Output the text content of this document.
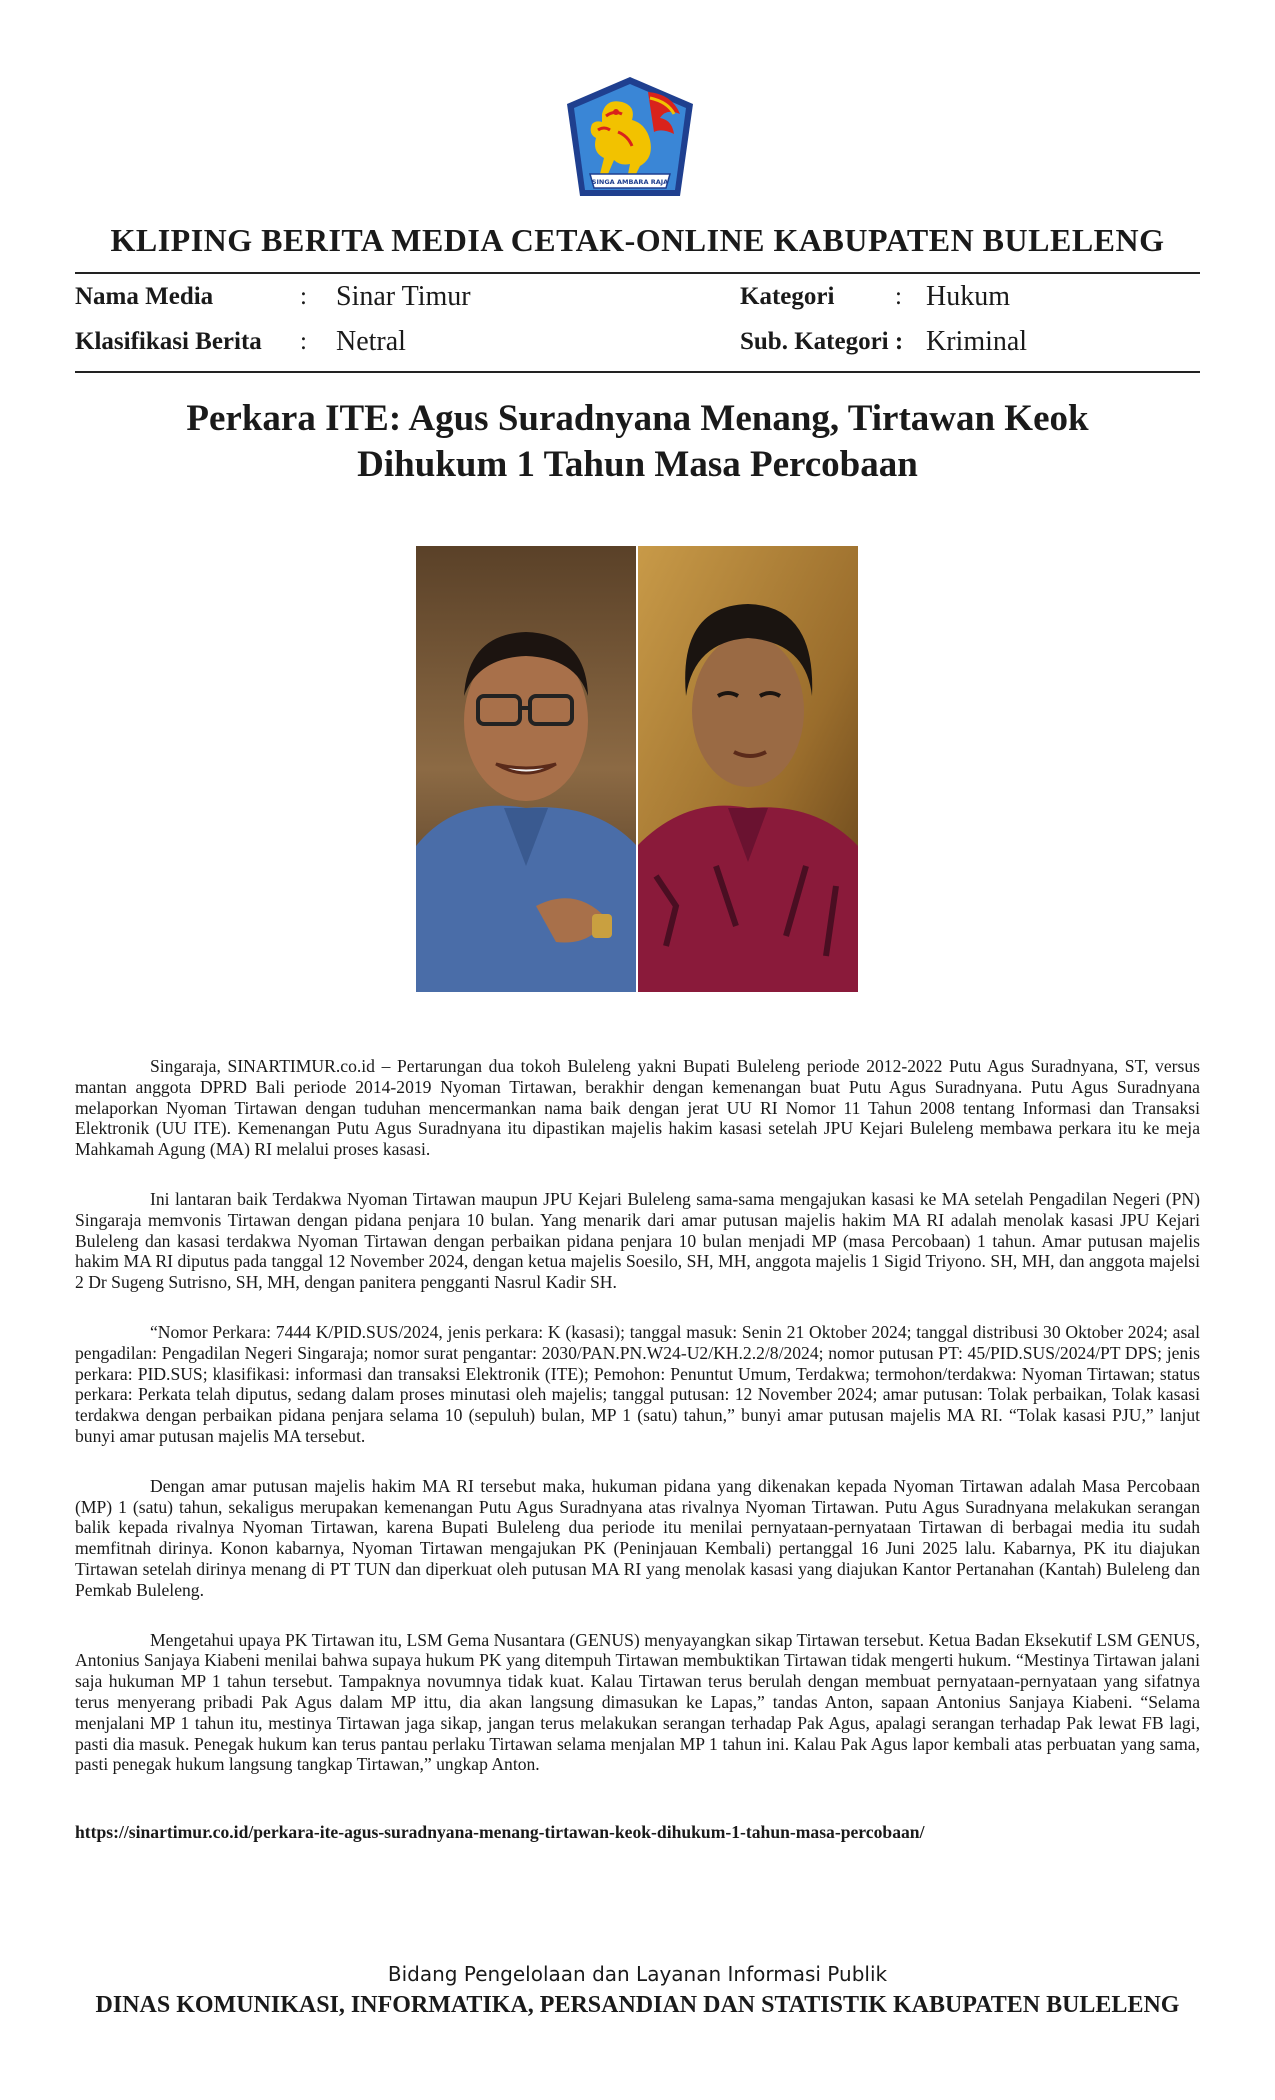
SINGA AMBARA RAJA
KLIPING BERITA MEDIA CETAK-ONLINE KABUPATEN BULELENG
Nama Media	: Sinar Timur	Kategori : Hukum
Klasifikasi Berita : Netral	Sub. Kategori : Kriminal
Perkara ITE: Agus Suradnyana Menang, Tirtawan Keok
Dihukum 1 Tahun Masa Percobaan

Singaraja, SINARTIMUR.co.id – Pertarungan dua tokoh Buleleng yakni Bupati Buleleng periode 2012-2022 Putu Agus Suradnyana, ST, versus mantan anggota DPRD Bali periode 2014-2019 Nyoman Tirtawan, berakhir dengan kemenangan buat Putu Agus Suradnyana. Putu Agus Suradnyana melaporkan Nyoman Tirtawan dengan tuduhan mencermankan nama baik dengan jerat UU RI Nomor 11 Tahun 2008 tentang Informasi dan Transaksi Elektronik (UU ITE). Kemenangan Putu Agus Suradnyana itu dipastikan majelis hakim kasasi setelah JPU Kejari Buleleng membawa perkara itu ke meja Mahkamah Agung (MA) RI melalui proses kasasi.

Ini lantaran baik Terdakwa Nyoman Tirtawan maupun JPU Kejari Buleleng sama-sama mengajukan kasasi ke MA setelah Pengadilan Negeri (PN) Singaraja memvonis Tirtawan dengan pidana penjara 10 bulan. Yang menarik dari amar putusan majelis hakim MA RI adalah menolak kasasi JPU Kejari Buleleng dan kasasi terdakwa Nyoman Tirtawan dengan perbaikan pidana penjara 10 bulan menjadi MP (masa Percobaan) 1 tahun. Amar putusan majelis hakim MA RI diputus pada tanggal 12 November 2024, dengan ketua majelis Soesilo, SH, MH, anggota majelis 1 Sigid Triyono. SH, MH, dan anggota majelsi 2 Dr Sugeng Sutrisno, SH, MH, dengan panitera pengganti Nasrul Kadir SH.

“Nomor Perkara: 7444 K/PID.SUS/2024, jenis perkara: K (kasasi); tanggal masuk: Senin 21 Oktober 2024; tanggal distribusi 30 Oktober 2024; asal pengadilan: Pengadilan Negeri Singaraja; nomor surat pengantar: 2030/PAN.PN.W24-U2/KH.2.2/8/2024; nomor putusan PT: 45/PID.SUS/2024/PT DPS; jenis perkara: PID.SUS; klasifikasi: informasi dan transaksi Elektronik (ITE); Pemohon: Penuntut Umum, Terdakwa; termohon/terdakwa: Nyoman Tirtawan; status perkara: Perkata telah diputus, sedang dalam proses minutasi oleh majelis; tanggal putusan: 12 November 2024; amar putusan: Tolak perbaikan, Tolak kasasi terdakwa dengan perbaikan pidana penjara selama 10 (sepuluh) bulan, MP 1 (satu) tahun,” bunyi amar putusan majelis MA RI. “Tolak kasasi PJU,” lanjut bunyi amar putusan majelis MA tersebut.

Dengan amar putusan majelis hakim MA RI tersebut maka, hukuman pidana yang dikenakan kepada Nyoman Tirtawan adalah Masa Percobaan (MP) 1 (satu) tahun, sekaligus merupakan kemenangan Putu Agus Suradnyana atas rivalnya Nyoman Tirtawan. Putu Agus Suradnyana melakukan serangan balik kepada rivalnya Nyoman Tirtawan, karena Bupati Buleleng dua periode itu menilai pernyataan-pernyataan Tirtawan di berbagai media itu sudah memfitnah dirinya. Konon kabarnya, Nyoman Tirtawan mengajukan PK (Peninjauan Kembali) pertanggal 16 Juni 2025 lalu. Kabarnya, PK itu diajukan Tirtawan setelah dirinya menang di PT TUN dan diperkuat oleh putusan MA RI yang menolak kasasi yang diajukan Kantor Pertanahan (Kantah) Buleleng dan Pemkab Buleleng.

Mengetahui upaya PK Tirtawan itu, LSM Gema Nusantara (GENUS) menyayangkan sikap Tirtawan tersebut. Ketua Badan Eksekutif LSM GENUS, Antonius Sanjaya Kiabeni menilai bahwa supaya hukum PK yang ditempuh Tirtawan membuktikan Tirtawan tidak mengerti hukum. “Mestinya Tirtawan jalani saja hukuman MP 1 tahun tersebut. Tampaknya novumnya tidak kuat. Kalau Tirtawan terus berulah dengan membuat pernyataan-pernyataan yang sifatnya terus menyerang pribadi Pak Agus dalam MP ittu, dia akan langsung dimasukan ke Lapas,” tandas Anton, sapaan Antonius Sanjaya Kiabeni. “Selama menjalani MP 1 tahun itu, mestinya Tirtawan jaga sikap, jangan terus melakukan serangan terhadap Pak Agus, apalagi serangan terhadap Pak lewat FB lagi, pasti dia masuk. Penegak hukum kan terus pantau perlaku Tirtawan selama menjalan MP 1 tahun ini. Kalau Pak Agus lapor kembali atas perbuatan yang sama, pasti penegak hukum langsung tangkap Tirtawan,” ungkap Anton.

https://sinartimur.co.id/perkara-ite-agus-suradnyana-menang-tirtawan-keok-dihukum-1-tahun-masa-percobaan/
Bidang Pengelolaan dan Layanan Informasi Publik
DINAS KOMUNIKASI, INFORMATIKA, PERSANDIAN DAN STATISTIK KABUPATEN BULELENG
